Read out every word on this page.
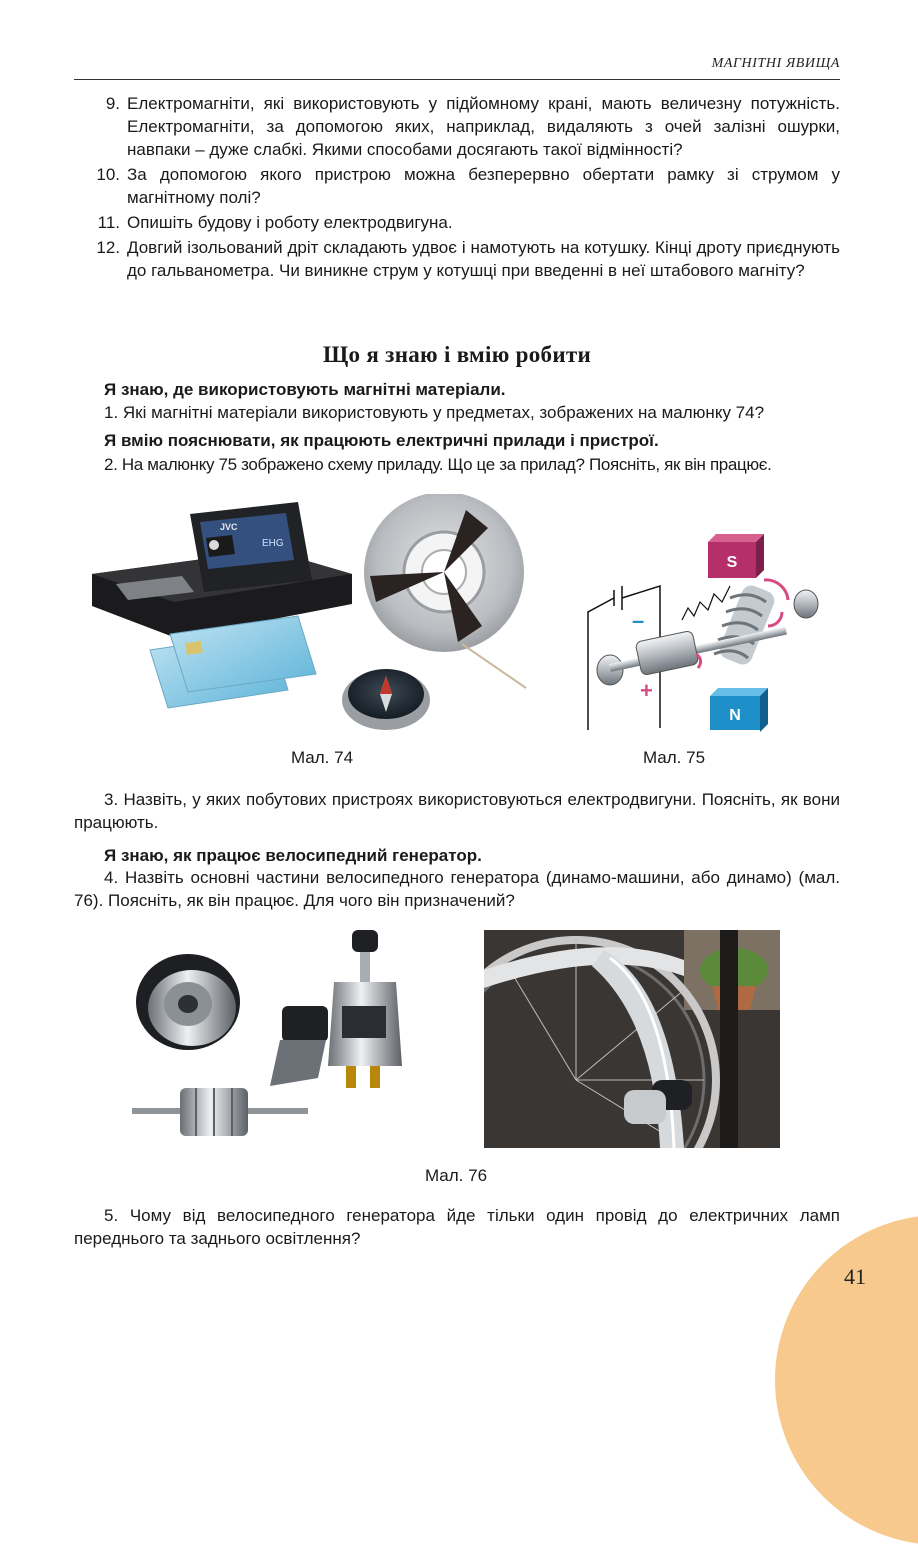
МАГНІТНІ ЯВИЩА
9. Електромагніти, які використовують у підйомному крані, мають величезну потужність. Електромагніти, за допомогою яких, наприклад, видаляють з очей залізні ошурки, навпаки – дуже слабкі. Якими способами досягають такої відмінності?
10. За допомогою якого пристрою можна безперервно обертати рамку зі струмом у магнітному полі?
11. Опишіть будову і роботу електродвигуна.
12. Довгий ізольований дріт складають удвоє і намотують на котушку. Кінці дроту приєднують до гальванометра. Чи виникне струм у котушці при введенні в неї штабового магніту?
Що я знаю і вмію робити
Я знаю, де використовують магнітні матеріали.
1. Які магнітні матеріали використовують у предметах, зображених на малюнку 74?
Я вмію пояснювати, як працюють електричні прилади і пристрої.
2. На малюнку 75 зображено схему приладу. Що це за прилад? Поясніть, як він працює.
JVC
EHG
S
N
–
+
Мал. 74	Мал. 75
3. Назвіть, у яких побутових пристроях використовуються електродвигуни. Поясніть, як вони працюють.
Я знаю, як працює велосипедний генератор.
4. Назвіть основні частини велосипедного генератора (динамо-машини, або динамо) (мал. 76). Поясніть, як він працює. Для чого він призначений?
Мал. 76
5. Чому від велосипедного генератора йде тільки один провід до електричних ламп переднього та заднього освітлення?
41
